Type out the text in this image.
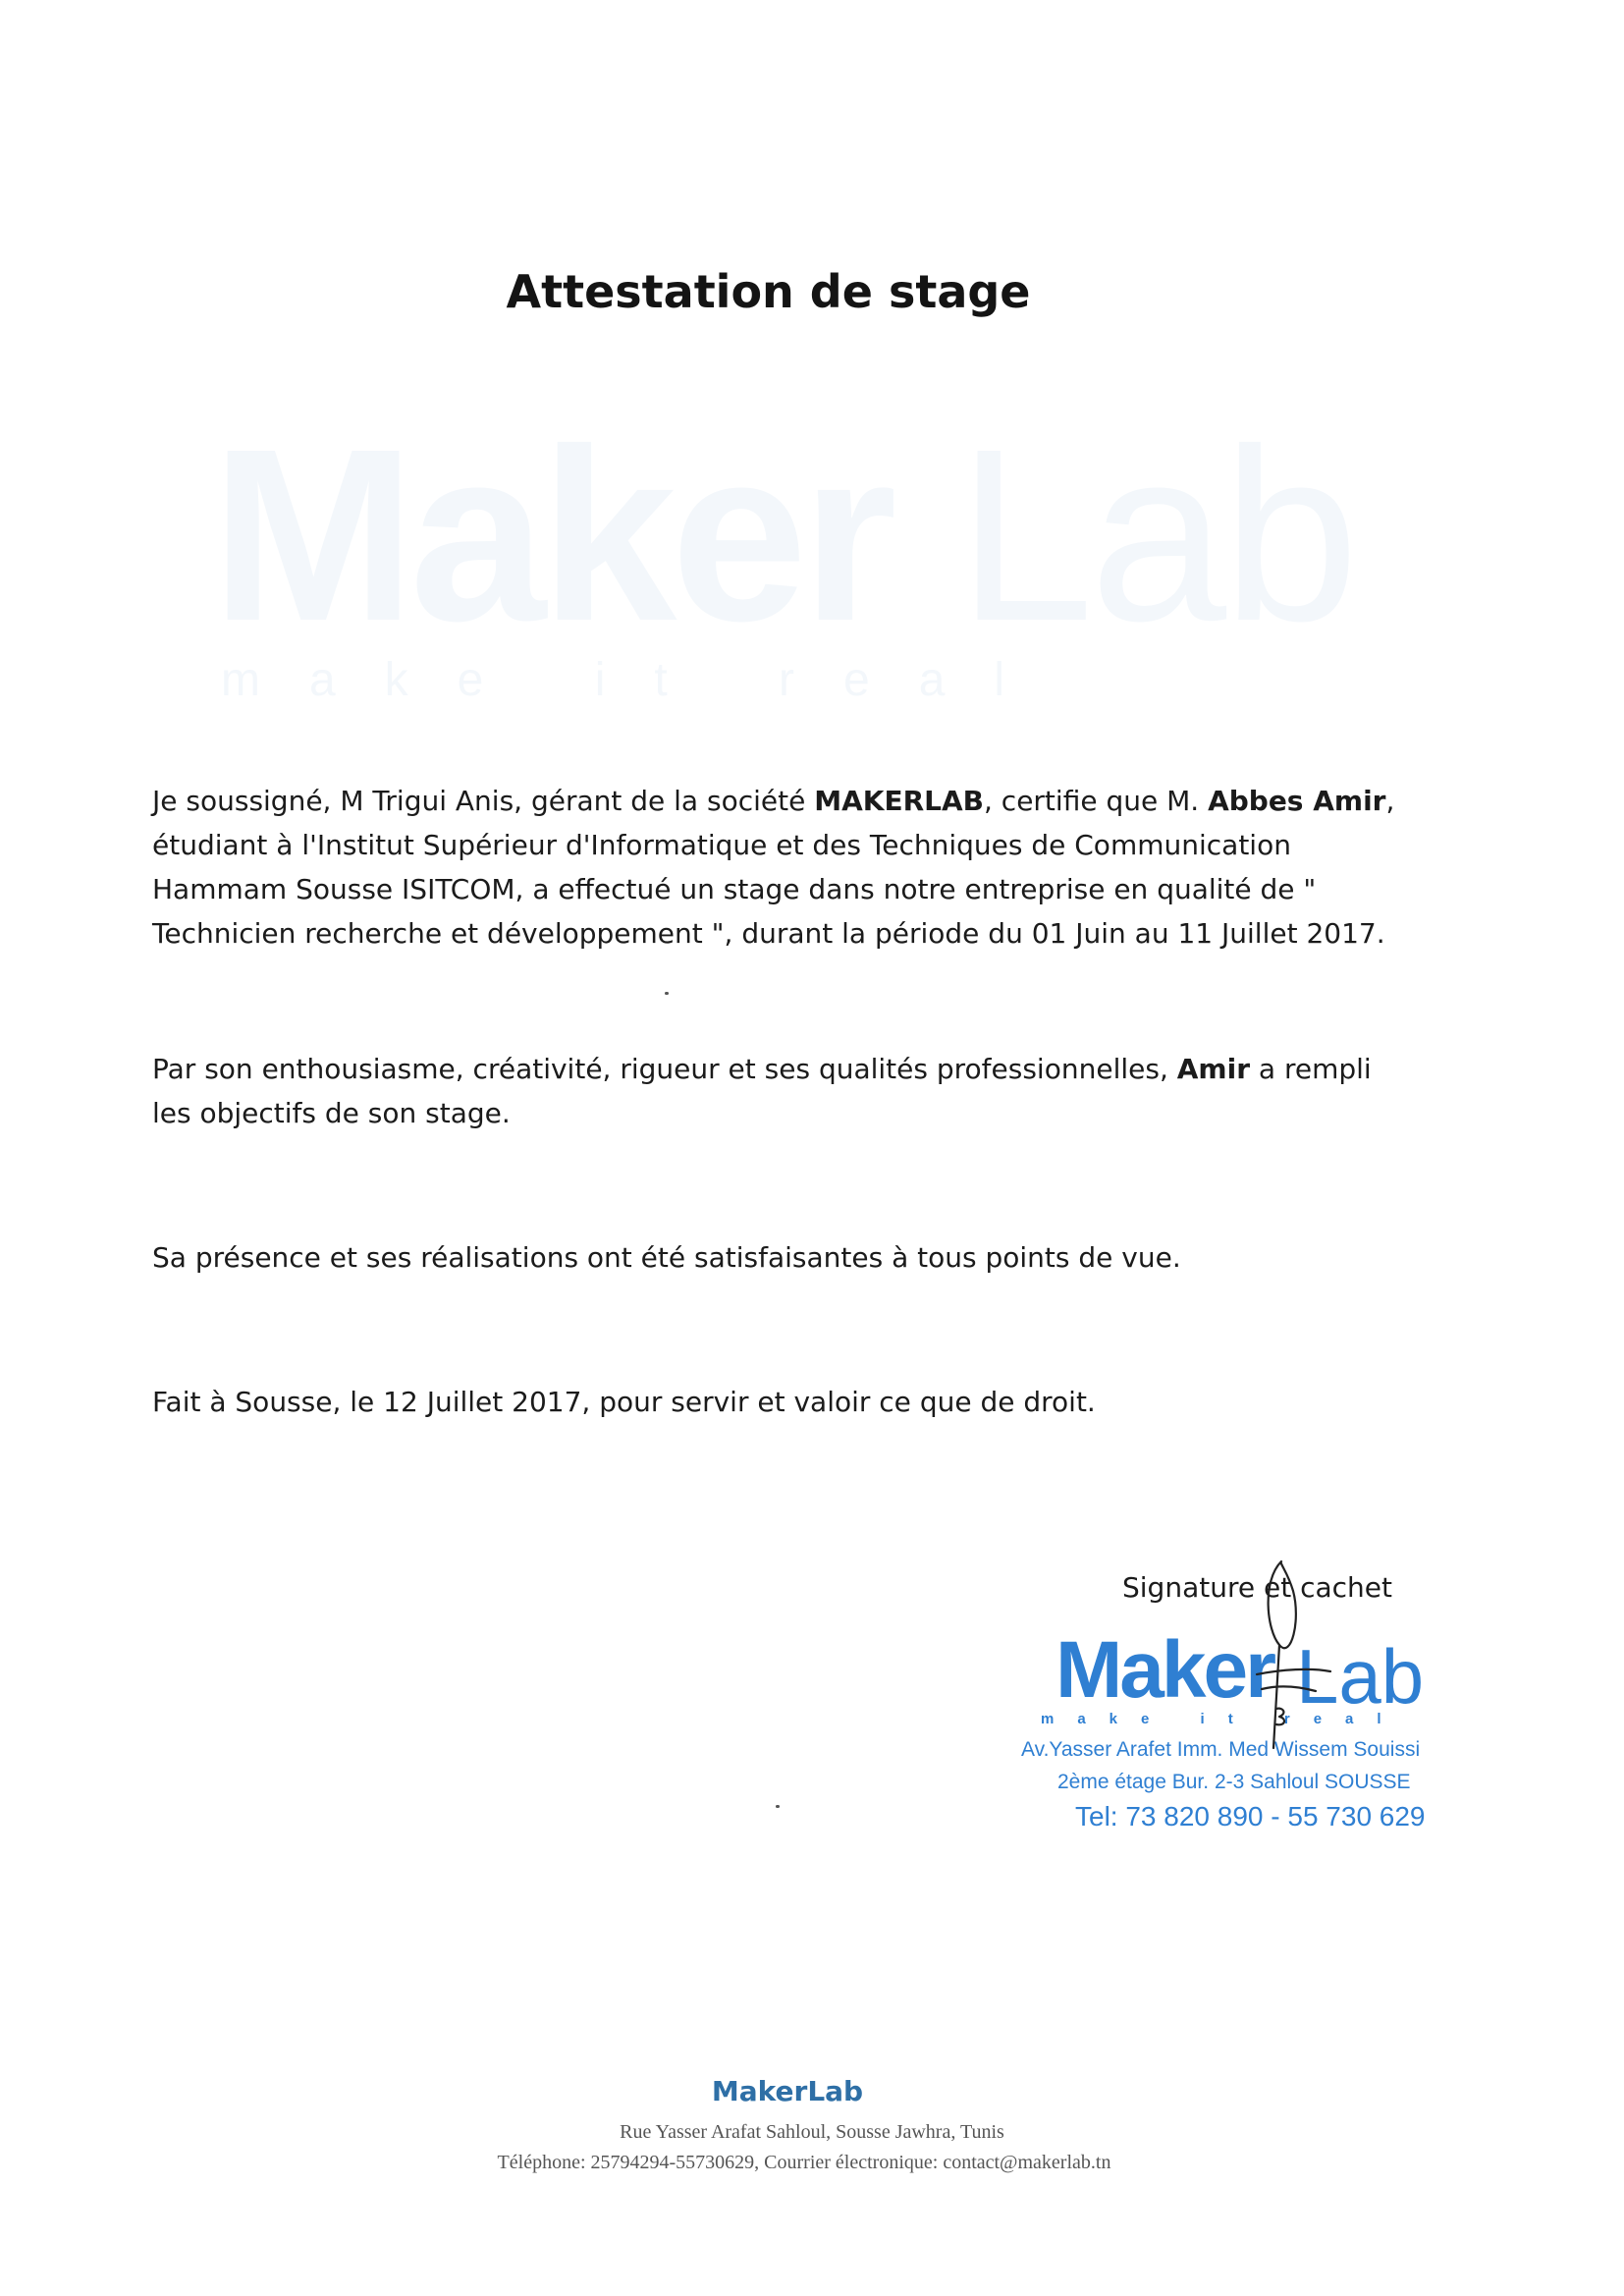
Maker Lab
make it real
Attestation de stage
Je soussigné, M Trigui Anis, gérant de la société MAKERLAB, certifie que M. Abbes Amir, étudiant à l'Institut Supérieur d'Informatique et des Techniques de Communication Hammam Sousse ISITCOM, a effectué un stage dans notre entreprise en qualité de " Technicien recherche et développement ", durant la période du 01 Juin au 11 Juillet 2017.
Par son enthousiasme, créativité, rigueur et ses qualités professionnelles, Amir a rempli les objectifs de son stage.
Sa présence et ses réalisations ont été satisfaisantes à tous points de vue.
Fait à Sousse, le 12 Juillet 2017, pour servir et valoir ce que de droit.
Signature et cachet
Maker Lab
make it real
Av.Yasser Arafet Imm. Med Wissem Souissi
2ème étage Bur. 2-3 Sahloul SOUSSE
Tel: 73 820 890 - 55 730 629
MakerLab
Rue Yasser Arafat Sahloul, Sousse Jawhra, Tunis
Téléphone: 25794294-55730629, Courrier électronique: contact@makerlab.tn
